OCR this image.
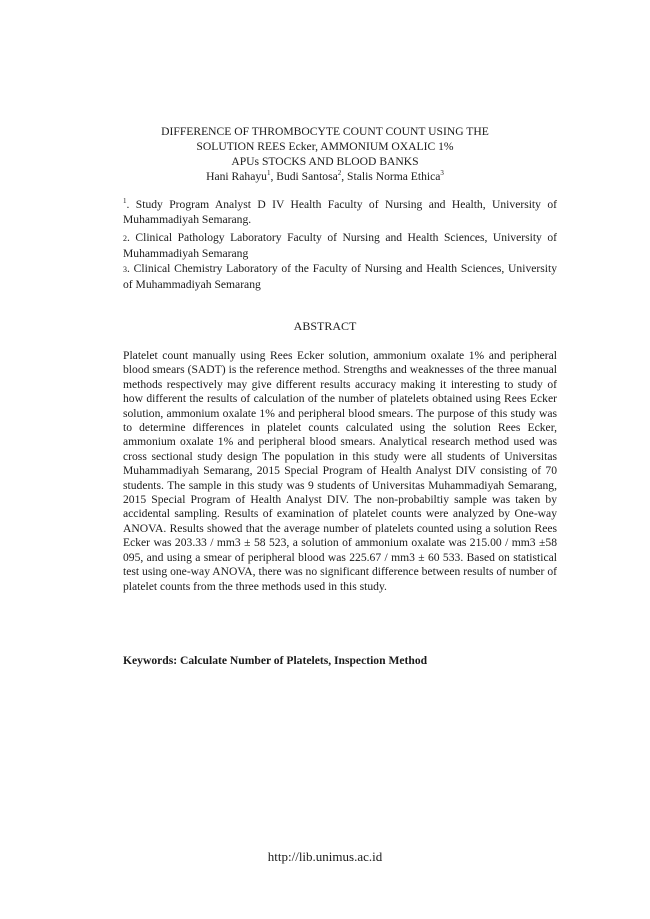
DIFFERENCE OF THROMBOCYTE COUNT COUNT USING THE
SOLUTION REES Ecker, AMMONIUM OXALIC 1%
APUs STOCKS AND BLOOD BANKS
Hani Rahayu$^1$, Budi Santosa$^2$, Stalis Norma Ethica$^3$
$^1$. Study Program Analyst D IV Health Faculty of Nursing and Health, University of Muhammadiyah Semarang.
2. Clinical Pathology Laboratory Faculty of Nursing and Health Sciences, University of Muhammadiyah Semarang
3. Clinical Chemistry Laboratory of the Faculty of Nursing and Health Sciences, University of Muhammadiyah Semarang
ABSTRACT
Platelet count manually using Rees Ecker solution, ammonium oxalate 1% and peripheral blood smears (SADT) is the reference method. Strengths and weaknesses of the three manual methods respectively may give different results accuracy making it interesting to study of how different the results of calculation of the number of platelets obtained using Rees Ecker solution, ammonium oxalate 1% and peripheral blood smears. The purpose of this study was to determine differences in platelet counts calculated using the solution Rees Ecker, ammonium oxalate 1% and peripheral blood smears. Analytical research method used was cross sectional study design The population in this study were all students of Universitas Muhammadiyah Semarang, 2015 Special Program of Health Analyst DIV consisting of 70 students. The sample in this study was 9 students of Universitas Muhammadiyah Semarang, 2015 Special Program of Health Analyst DIV. The non-probabiltiy sample was taken by accidental sampling. Results of examination of platelet counts were analyzed by One-way ANOVA. Results showed that the average number of platelets counted using a solution Rees Ecker was 203.33 / mm3 ± 58 523, a solution of ammonium oxalate was 215.00 / mm3 ±58 095, and using a smear of peripheral blood was 225.67 / mm3 ± 60 533. Based on statistical test using one-way ANOVA, there was no significant difference between results of number of platelet counts from the three methods used in this study.
Keywords: Calculate Number of Platelets, Inspection Method
http://lib.unimus.ac.id
